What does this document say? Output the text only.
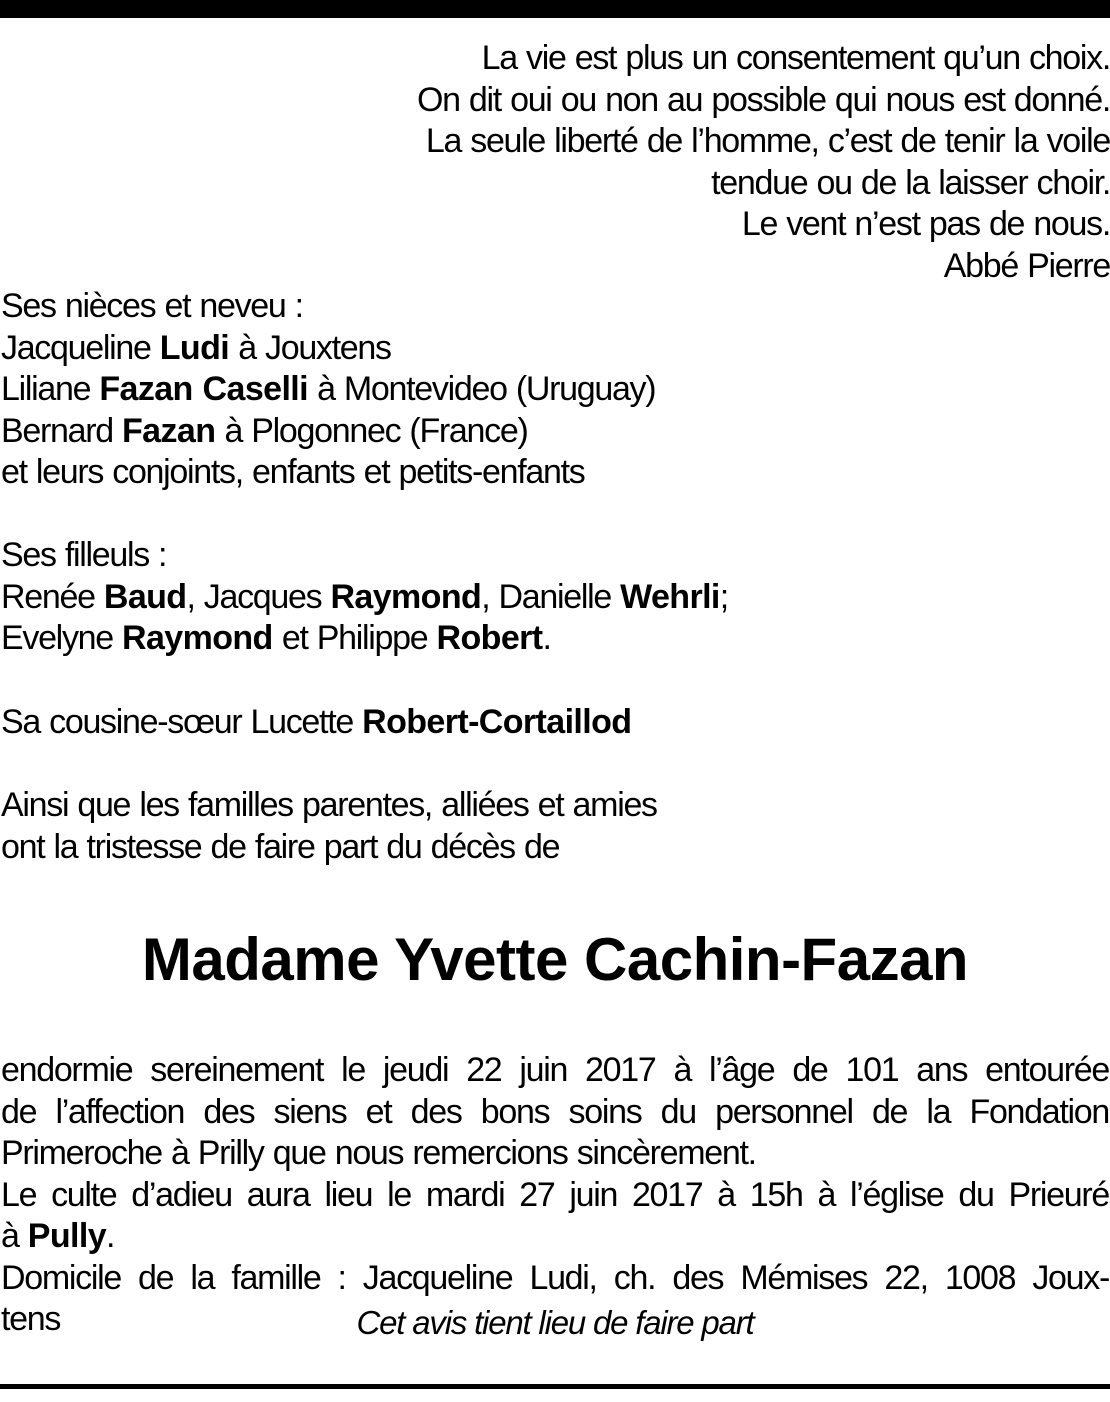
La vie est plus un consentement qu’un choix.
On dit oui ou non au possible qui nous est donné.
La seule liberté de l’homme, c’est de tenir la voile
tendue ou de la laisser choir.
Le vent n’est pas de nous.
Abbé Pierre
Ses nièces et neveu :
Jacqueline Ludi à Jouxtens
Liliane Fazan Caselli à Montevideo (Uruguay)
Bernard Fazan à Plogonnec (France)
et leurs conjoints, enfants et petits-enfants
Ses filleuls :
Renée Baud, Jacques Raymond, Danielle Wehrli;
Evelyne Raymond et Philippe Robert.
Sa cousine-sœur Lucette Robert-Cortaillod
Ainsi que les familles parentes, alliées et amies
ont la tristesse de faire part du décès de
Madame Yvette Cachin-Fazan
endormie sereinement le jeudi 22 juin 2017 à l’âge de 101 ans entourée
de l’affection des siens et des bons soins du personnel de la Fondation
Primeroche à Prilly que nous remercions sincèrement.
Le culte d’adieu aura lieu le mardi 27 juin 2017 à 15h à l’église du Prieuré
à Pully.
Domicile de la famille : Jacqueline Ludi, ch. des Mémises 22, 1008 Joux-
tens	Cet avis tient lieu de faire part
